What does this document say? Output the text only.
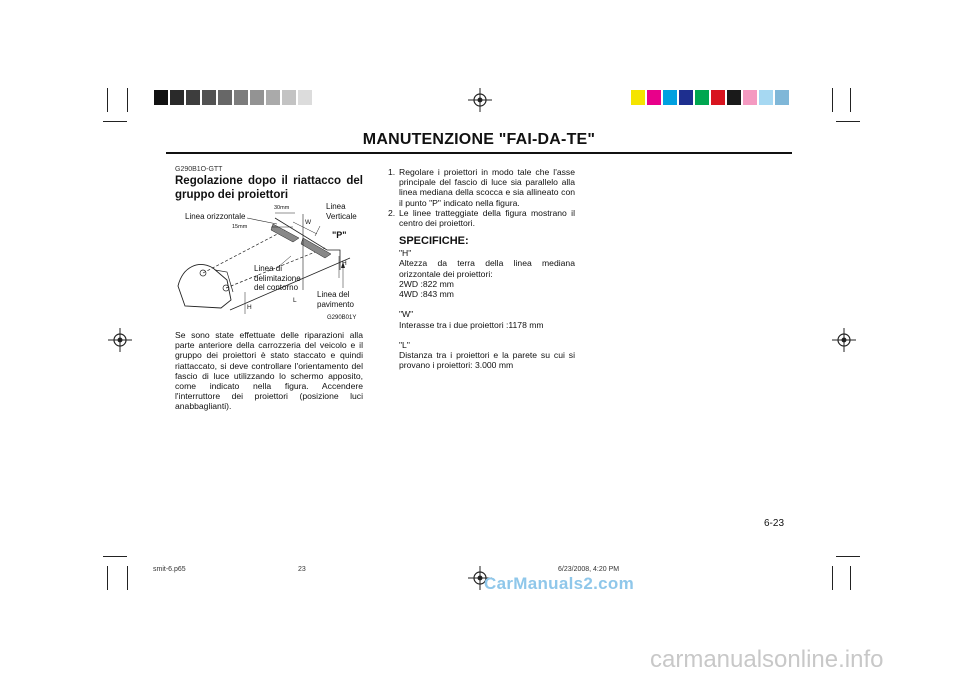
MANUTENZIONE "FAI-DA-TE"
G290B1O-GTT
Regolazione dopo il riattacco del
gruppo dei proiettori
Linea orizzontale
Linea
Verticale
"P"
30mm
15mm
W
H
H
L
Linea di
delimitazione
del contorno
Linea del
pavimento
G290B01Y
Se sono state effettuate delle riparazioni alla parte anteriore della carrozzeria del veicolo e il gruppo dei proiettori è stato staccato e quindi riattaccato, si deve controllare l'orientamento del fascio di luce utilizzando lo schermo apposito, come indicato nella figura. Accendere l'interruttore dei proiettori (posizione luci anabbaglianti).
1. Regolare i proiettori in modo tale che l'asse principale del fascio di luce sia parallelo alla linea mediana della scocca e sia allineato con il punto "P" indicato nella figura.
2. Le linee tratteggiate della figura mostrano il centro dei proiettori.
SPECIFICHE:
"H"
Altezza da terra della linea mediana orizzontale dei proiettori:
2WD :822 mm
4WD :843 mm

"W"
Interasse tra i due proiettori :1178 mm

"L"
Distanza tra i proiettori e la parete su cui si provano i proiettori: 3.000 mm
6-23
smit-6.p65	23	6/23/2008, 4:20 PM
CarManuals2.com
carmanualsonline.info
